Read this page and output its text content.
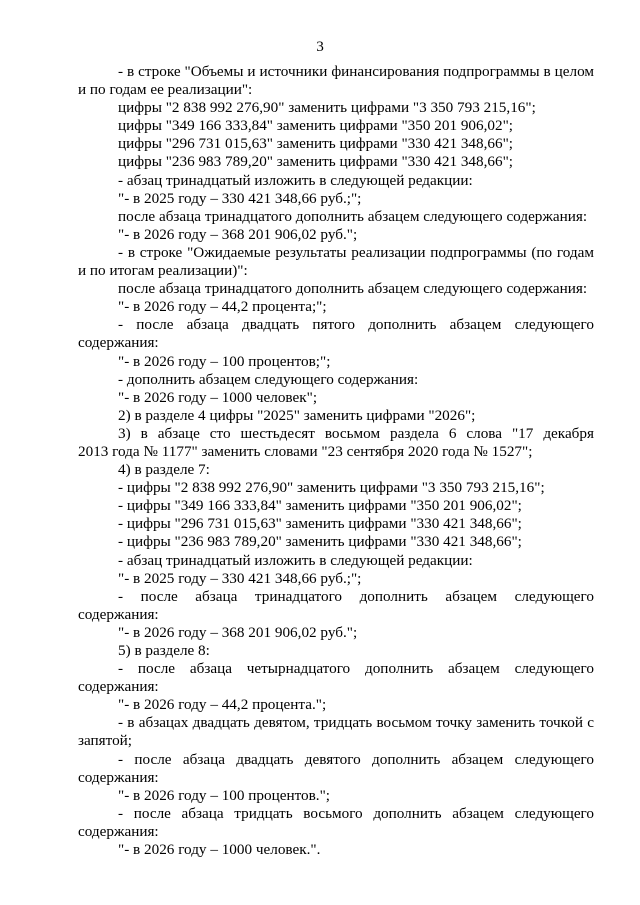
3

- в строке "Объемы и источники финансирования подпрограммы в целом

и по годам ее реализации":

цифры "2 838 992 276,90" заменить цифрами "3 350 793 215,16";

цифры "349 166 333,84" заменить цифрами "350 201 906,02";

цифры "296 731 015,63" заменить цифрами "330 421 348,66";

цифры "236 983 789,20" заменить цифрами "330 421 348,66";

- абзац тринадцатый изложить в следующей редакции:

"- в 2025 году – 330 421 348,66 руб.;";

после абзаца тринадцатого дополнить абзацем следующего содержания:

"- в 2026 году – 368 201 906,02 руб.";

- в строке "Ожидаемые результаты реализации подпрограммы (по годам

и по итогам реализации)":

после абзаца тринадцатого дополнить абзацем следующего содержания:

"- в 2026 году – 44,2 процента;";

- после абзаца двадцать пятого дополнить абзацем следующего

содержания:

"- в 2026 году – 100 процентов;";

- дополнить абзацем следующего содержания:

"- в 2026 году – 1000 человек";

2) в разделе 4 цифры "2025" заменить цифрами "2026";

3) в абзаце сто шестьдесят восьмом раздела 6 слова "17 декабря

2013 года № 1177" заменить словами "23 сентября 2020 года № 1527";

4) в разделе 7:

- цифры "2 838 992 276,90" заменить цифрами "3 350 793 215,16";

- цифры "349 166 333,84" заменить цифрами "350 201 906,02";

- цифры "296 731 015,63" заменить цифрами "330 421 348,66";

- цифры "236 983 789,20" заменить цифрами "330 421 348,66";

- абзац тринадцатый изложить в следующей редакции:

"- в 2025 году – 330 421 348,66 руб.;";

- после абзаца тринадцатого дополнить абзацем следующего

содержания:

"- в 2026 году – 368 201 906,02 руб.";

5) в разделе 8:

- после абзаца четырнадцатого дополнить абзацем следующего

содержания:

"- в 2026 году – 44,2 процента.";

- в абзацах двадцать девятом, тридцать восьмом точку заменить точкой с

запятой;

- после абзаца двадцать девятого дополнить абзацем следующего

содержания:

"- в 2026 году – 100 процентов.";

- после абзаца тридцать восьмого дополнить абзацем следующего

содержания:

"- в 2026 году – 1000 человек.".
